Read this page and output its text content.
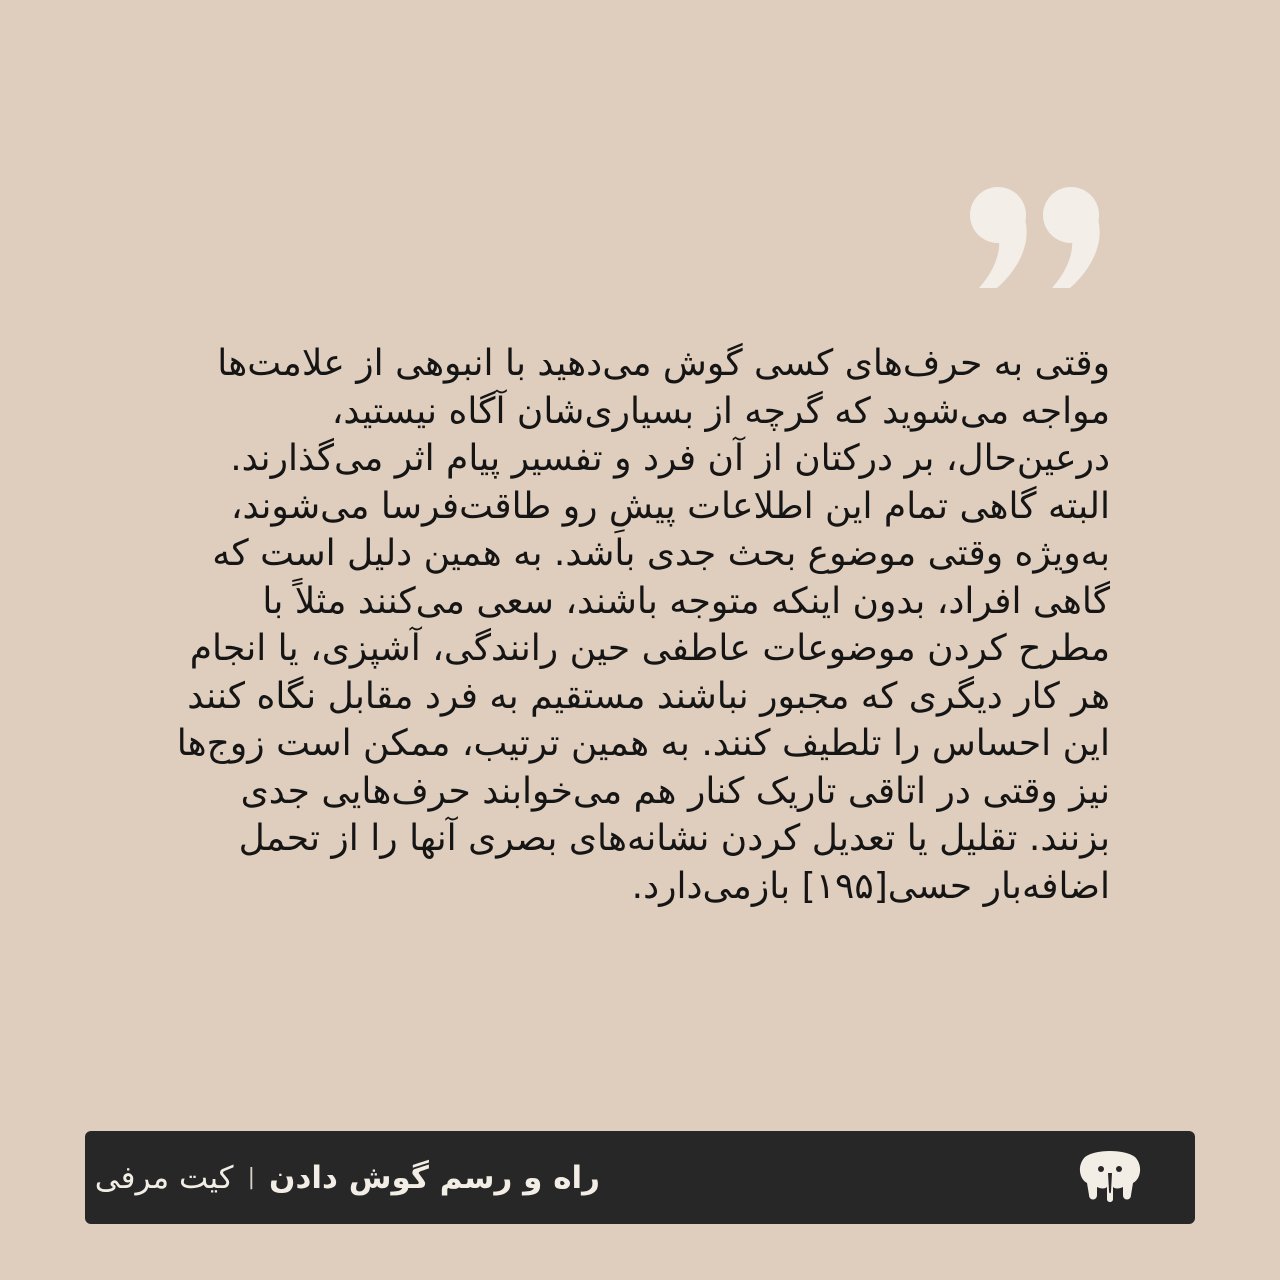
وقتی به حرف‌های کسی گوش می‌دهید با انبوهی از علامت‌ها مواجه می‌شوید که گرچه از بسیاری‌شان آگاه نیستید، درعین‌حال، بر درکتان از آن فرد و تفسیر پیام اثر می‌گذارند. البته گاهی تمام این اطلاعات پیشِ رو طاقت‌فرسا می‌شوند، به‌ویژه وقتی موضوع بحث جدی باشد. به همین دلیل است که گاهی افراد، بدون اینکه متوجه باشند، سعی می‌کنند مثلاً با مطرح کردن موضوعات عاطفی حین رانندگی، آشپزی، یا انجام هر کار دیگری که مجبور نباشند مستقیم به فرد مقابل نگاه کنند این احساس را تلطیف کنند. به همین ترتیب، ممکن است زوج‌ها نیز وقتی در اتاقی تاریک کنار هم می‌خوابند حرف‌هایی جدی بزنند. تقلیل یا تعدیل کردن نشانه‌های بصری آنها را از تحمل اضافه‌بار حسی[۱۹۵] بازمی‌دارد.

راه و رسم گوش دادن
|
کیت مرفی
